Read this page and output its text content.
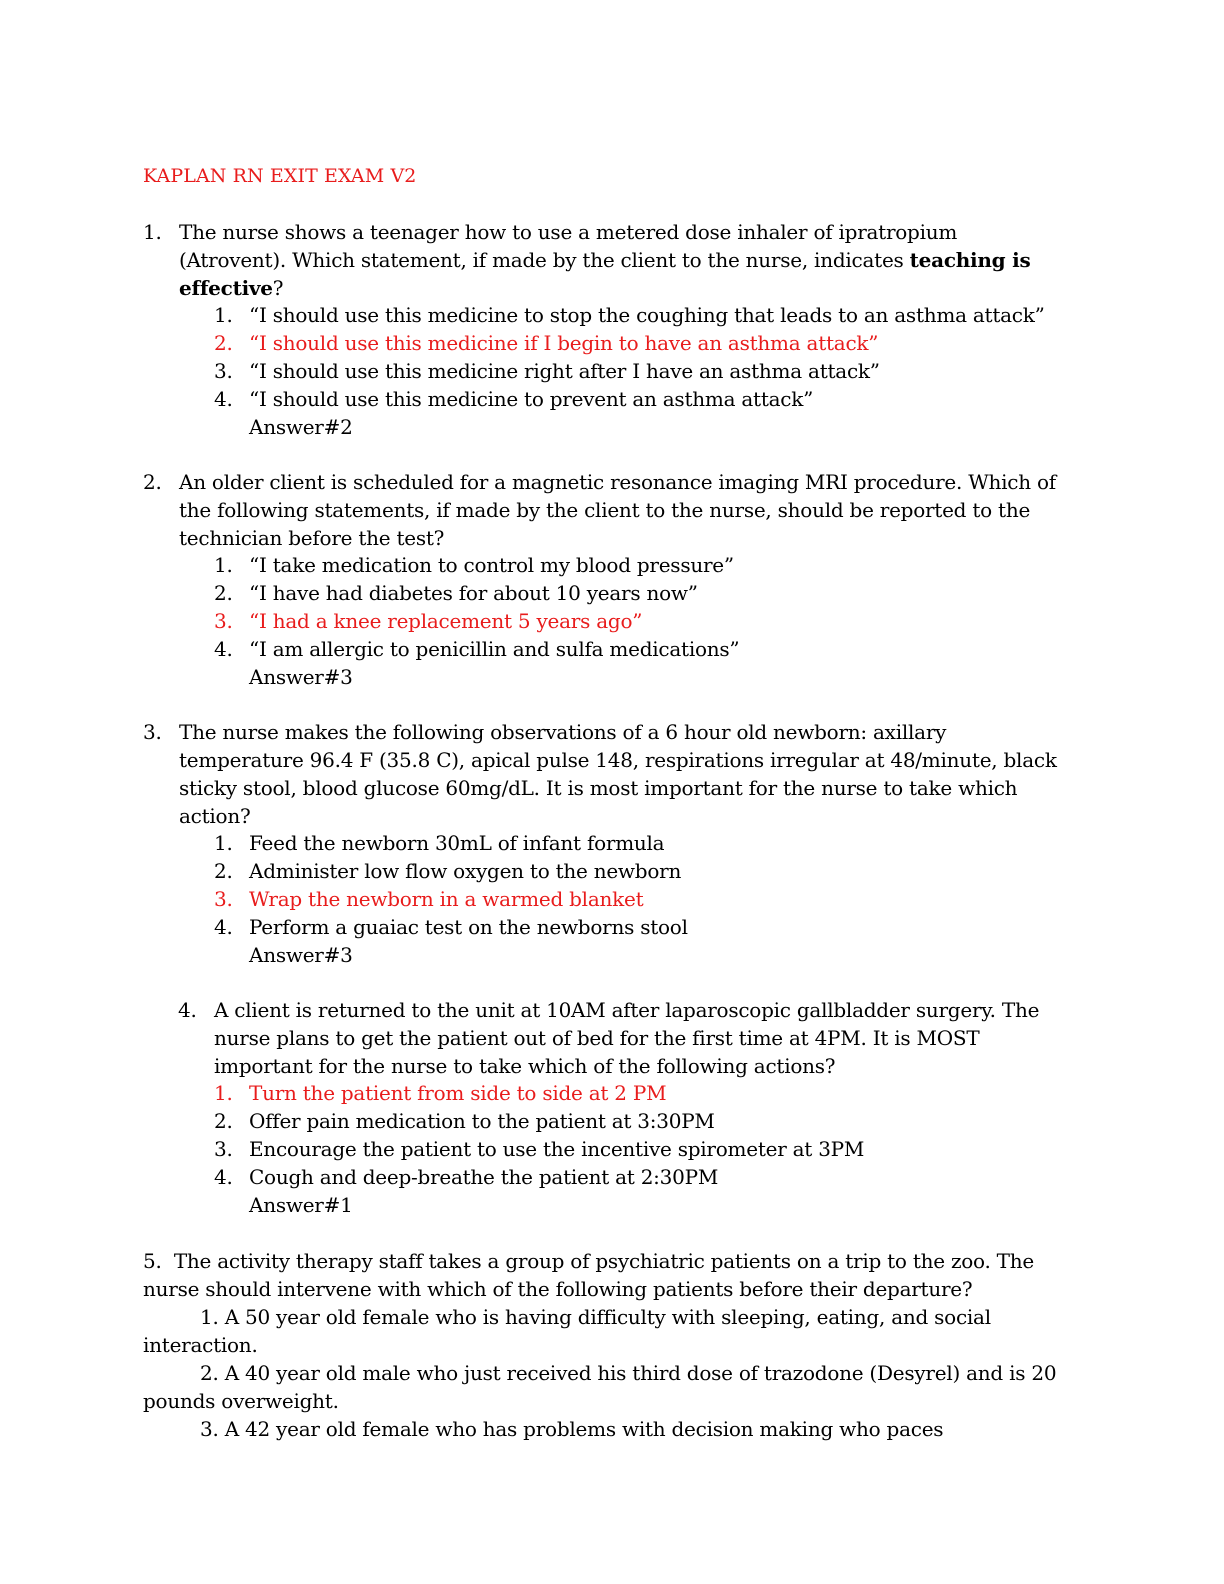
KAPLAN RN EXIT EXAM V2
1. The nurse shows a teenager how to use a metered dose inhaler of ipratropium (Atrovent). Which statement, if made by the client to the nurse, indicates teaching is effective?
1. “I should use this medicine to stop the coughing that leads to an asthma attack”
2. “I should use this medicine if I begin to have an asthma attack”
3. “I should use this medicine right after I have an asthma attack”
4. “I should use this medicine to prevent an asthma attack”
Answer#2
2. An older client is scheduled for a magnetic resonance imaging MRI procedure. Which of the following statements, if made by the client to the nurse, should be reported to the technician before the test?
1. “I take medication to control my blood pressure”
2. “I have had diabetes for about 10 years now”
3. “I had a knee replacement 5 years ago”
4. “I am allergic to penicillin and sulfa medications”
Answer#3
3. The nurse makes the following observations of a 6 hour old newborn: axillary temperature 96.4 F (35.8 C), apical pulse 148, respirations irregular at 48/minute, black sticky stool, blood glucose 60mg/dL. It is most important for the nurse to take which action?
1. Feed the newborn 30mL of infant formula
2. Administer low flow oxygen to the newborn
3. Wrap the newborn in a warmed blanket
4. Perform a guaiac test on the newborns stool
Answer#3
4. A client is returned to the unit at 10AM after laparoscopic gallbladder surgery. The nurse plans to get the patient out of bed for the first time at 4PM. It is MOST important for the nurse to take which of the following actions?
1. Turn the patient from side to side at 2 PM
2. Offer pain medication to the patient at 3:30PM
3. Encourage the patient to use the incentive spirometer at 3PM
4. Cough and deep-breathe the patient at 2:30PM
Answer#1

5. The activity therapy staff takes a group of psychiatric patients on a trip to the zoo. The nurse should intervene with which of the following patients before their departure?

1. A 50 year old female who is having difficulty with sleeping, eating, and social interaction.

2. A 40 year old male who just received his third dose of trazodone (Desyrel) and is 20 pounds overweight.

3. A 42 year old female who has problems with decision making who paces
